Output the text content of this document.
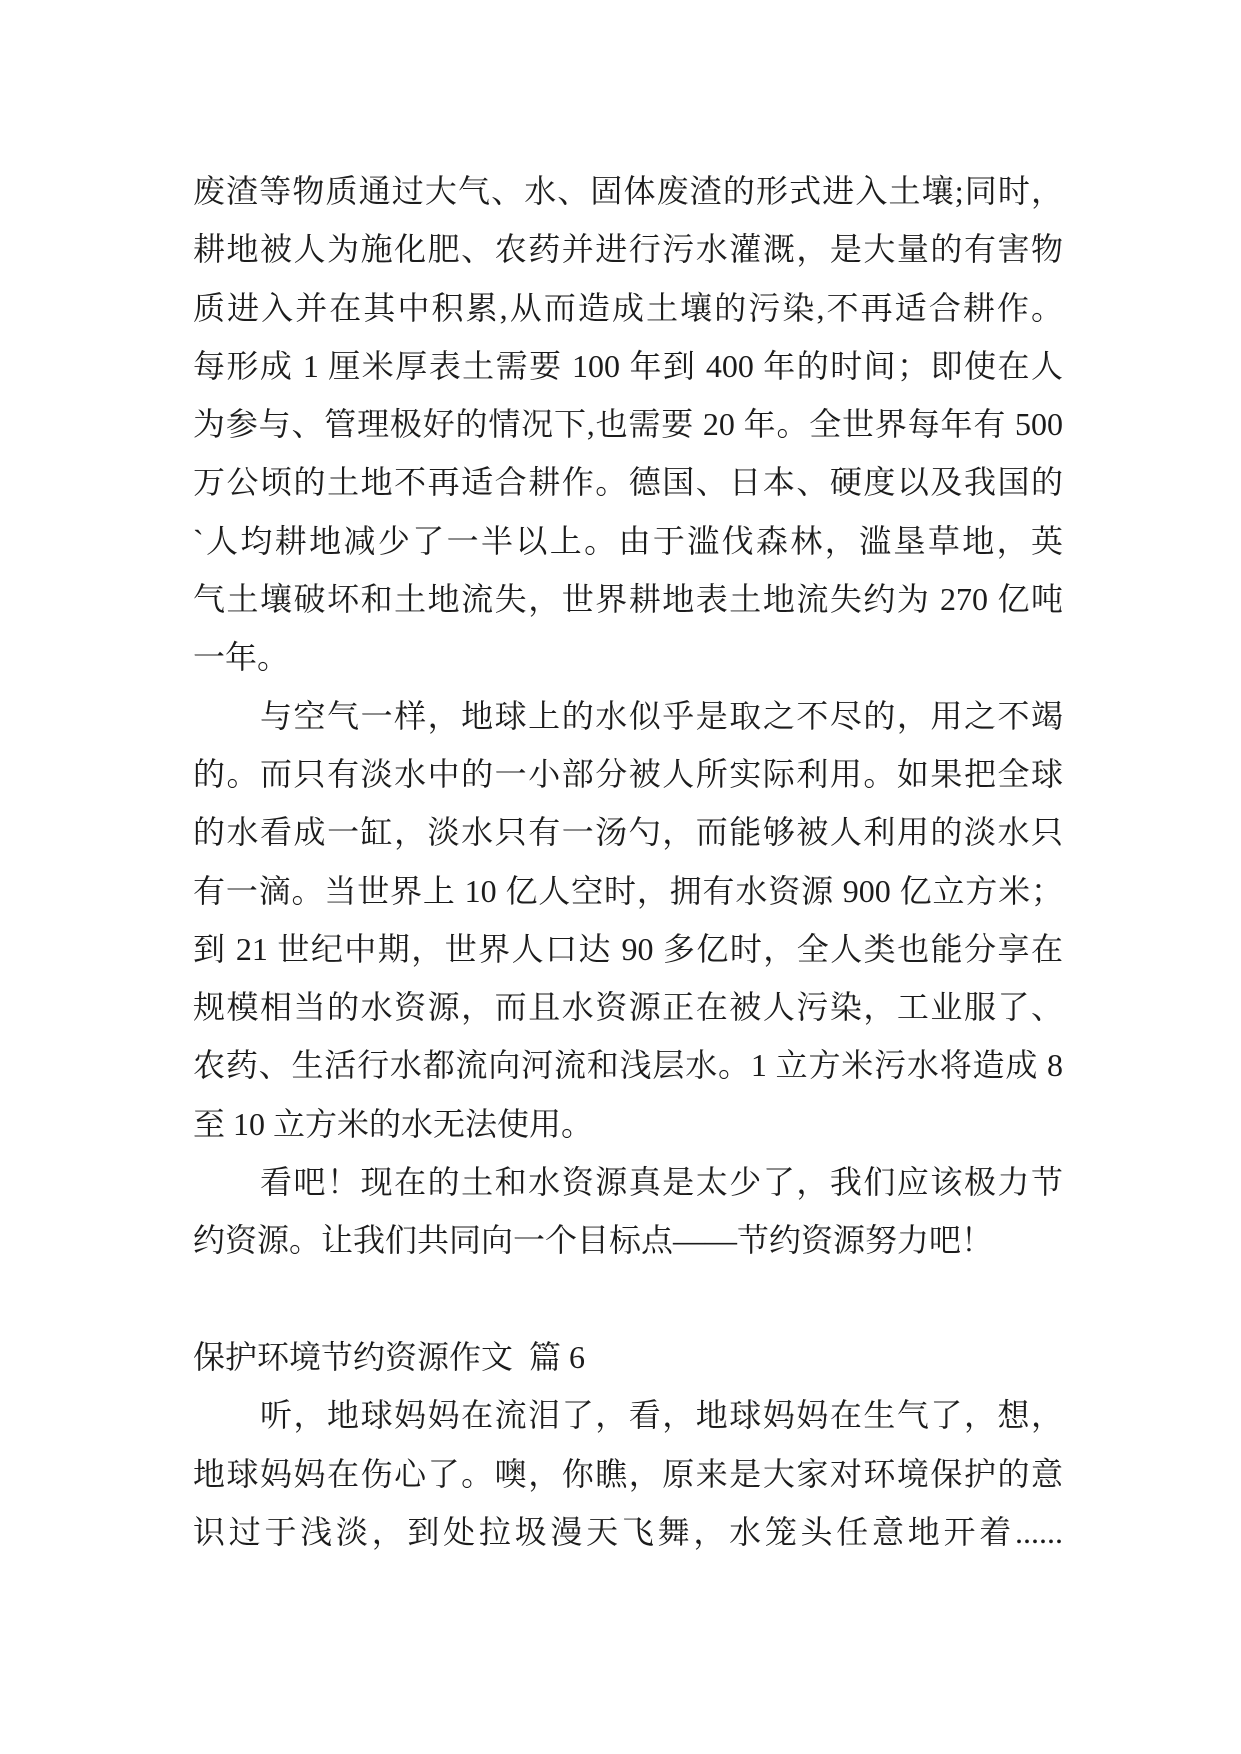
废渣等物质通过大气、水、固体废渣的形式进入土壤;同时，
耕地被人为施化肥、农药并进行污水灌溉，是大量的有害物
质进入并在其中积累,从而造成土壤的污染,不再适合耕作。
每形成 1 厘米厚表土需要 100 年到 400 年的时间；即使在人
为参与、管理极好的情况下,也需要 20 年。全世界每年有 500
万公顷的土地不再适合耕作。德国、日本、硬度以及我国的
`人均耕地减少了一半以上。由于滥伐森林，滥垦草地，英
气土壤破坏和土地流失，世界耕地表土地流失约为 270 亿吨
一年。
与空气一样，地球上的水似乎是取之不尽的，用之不竭
的。而只有淡水中的一小部分被人所实际利用。如果把全球
的水看成一缸，淡水只有一汤勺，而能够被人利用的淡水只
有一滴。当世界上 10 亿人空时，拥有水资源 900 亿立方米；
到 21 世纪中期，世界人口达 90 多亿时，全人类也能分享在
规模相当的水资源，而且水资源正在被人污染，工业服了、
农药、生活行水都流向河流和浅层水。1 立方米污水将造成 8
至 10 立方米的水无法使用。
看吧！现在的土和水资源真是太少了，我们应该极力节
约资源。让我们共同向一个目标点——节约资源努力吧！
保护环境节约资源作文  篇 6
听，地球妈妈在流泪了，看，地球妈妈在生气了，想，
地球妈妈在伤心了。噢，你瞧，原来是大家对环境保护的意
识过于浅淡，到处拉圾漫天飞舞，水笼头任意地开着......
